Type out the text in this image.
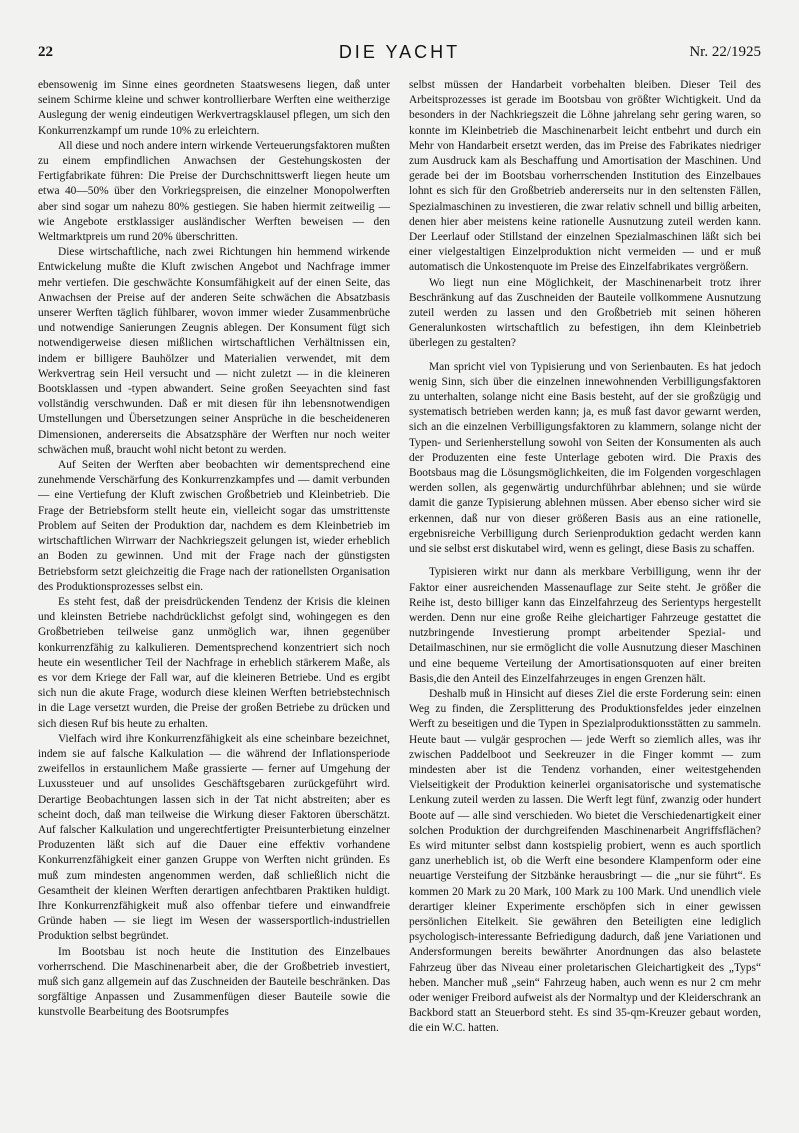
22	DIE YACHT	Nr. 22/1925

ebensowenig im Sinne eines geordneten Staatswesens liegen, daß unter seinem Schirme kleine und schwer kontrollierbare Werften eine weitherzige Auslegung der wenig eindeutigen Werkvertragsklausel pflegen, um sich den Konkurrenzkampf um runde 10% zu erleichtern.

All diese und noch andere intern wirkende Verteuerungsfaktoren mußten zu einem empfindlichen Anwachsen der Gestehungskosten der Fertigfabrikate führen: Die Preise der Durchschnittswerft liegen heute um etwa 40—50% über den Vorkriegspreisen, die einzelner Monopolwerften aber sind sogar um nahezu 80% gestiegen. Sie haben hiermit zeitweilig — wie Angebote erstklassiger ausländischer Werften beweisen — den Weltmarktpreis um rund 20% überschritten.

Diese wirtschaftliche, nach zwei Richtungen hin hemmend wirkende Entwickelung mußte die Kluft zwischen Angebot und Nachfrage immer mehr vertiefen. Die geschwächte Konsumfähigkeit auf der einen Seite, das Anwachsen der Preise auf der anderen Seite schwächen die Absatzbasis unserer Werften täglich fühlbarer, wovon immer wieder Zusammenbrüche und notwendige Sanierungen Zeugnis ablegen. Der Konsument fügt sich notwendigerweise diesen mißlichen wirtschaftlichen Verhältnissen ein, indem er billigere Bauhölzer und Materialien verwendet, mit dem Werkvertrag sein Heil versucht und — nicht zuletzt — in die kleineren Bootsklassen und -typen abwandert. Seine großen Seeyachten sind fast vollständig verschwunden. Daß er mit diesen für ihn lebensnotwendigen Umstellungen und Übersetzungen seiner Ansprüche in die bescheideneren Dimensionen, andererseits die Absatzsphäre der Werften nur noch weiter schwächen muß, braucht wohl nicht betont zu werden.

Auf Seiten der Werften aber beobachten wir dementsprechend eine zunehmende Verschärfung des Konkurrenzkampfes und — damit verbunden — eine Vertiefung der Kluft zwischen Großbetrieb und Kleinbetrieb. Die Frage der Betriebsform stellt heute ein, vielleicht sogar das umstrittenste Problem auf Seiten der Produktion dar, nachdem es dem Kleinbetrieb im wirtschaftlichen Wirrwarr der Nachkriegszeit gelungen ist, wieder erheblich an Boden zu gewinnen. Und mit der Frage nach der günstigsten Betriebsform setzt gleichzeitig die Frage nach der rationellsten Organisation des Produktionsprozesses selbst ein.

Es steht fest, daß der preisdrückenden Tendenz der Krisis die kleinen und kleinsten Betriebe nachdrücklichst gefolgt sind, wohingegen es den Großbetrieben teilweise ganz unmöglich war, ihnen gegenüber konkurrenzfähig zu kalkulieren. Dementsprechend konzentriert sich noch heute ein wesentlicher Teil der Nachfrage in erheblich stärkerem Maße, als es vor dem Kriege der Fall war, auf die kleineren Betriebe. Und es ergibt sich nun die akute Frage, wodurch diese kleinen Werften betriebstechnisch in die Lage versetzt wurden, die Preise der großen Betriebe zu drücken und sich diesen Ruf bis heute zu erhalten.

Vielfach wird ihre Konkurrenzfähigkeit als eine scheinbare bezeichnet, indem sie auf falsche Kalkulation — die während der Inflationsperiode zweifellos in erstaunlichem Maße grassierte — ferner auf Umgehung der Luxussteuer und auf unsolides Geschäftsgebaren zurückgeführt wird. Derartige Beobachtungen lassen sich in der Tat nicht abstreiten; aber es scheint doch, daß man teilweise die Wirkung dieser Faktoren überschätzt. Auf falscher Kalkulation und ungerechtfertigter Preisunterbietung einzelner Produzenten läßt sich auf die Dauer eine effektiv vorhandene Konkurrenzfähigkeit einer ganzen Gruppe von Werften nicht gründen. Es muß zum mindesten angenommen werden, daß schließlich nicht die Gesamtheit der kleinen Werften derartigen anfechtbaren Praktiken huldigt. Ihre Konkurrenzfähigkeit muß also offenbar tiefere und einwandfreie Gründe haben — sie liegt im Wesen der wassersportlich-industriellen Produktion selbst begründet.

Im Bootsbau ist noch heute die Institution des Einzelbaues vorherrschend. Die Maschinenarbeit aber, die der Großbetrieb investiert, muß sich ganz allgemein auf das Zuschneiden der Bauteile beschränken. Das sorgfältige Anpassen und Zusammenfügen dieser Bauteile sowie die kunstvolle Bearbeitung des Bootsrumpfes

selbst müssen der Handarbeit vorbehalten bleiben. Dieser Teil des Arbeitsprozesses ist gerade im Bootsbau von größter Wichtigkeit. Und da besonders in der Nachkriegszeit die Löhne jahrelang sehr gering waren, so konnte im Kleinbetrieb die Maschinenarbeit leicht entbehrt und durch ein Mehr von Handarbeit ersetzt werden, das im Preise des Fabrikates niedriger zum Ausdruck kam als Beschaffung und Amortisation der Maschinen. Und gerade bei der im Bootsbau vorherrschenden Institution des Einzelbaues lohnt es sich für den Großbetrieb andererseits nur in den seltensten Fällen, Spezialmaschinen zu investieren, die zwar relativ schnell und billig arbeiten, denen hier aber meistens keine rationelle Ausnutzung zuteil werden kann. Der Leerlauf oder Stillstand der einzelnen Spezialmaschinen läßt sich bei einer vielgestaltigen Einzelproduktion nicht vermeiden — und er muß automatisch die Unkostenquote im Preise des Einzelfabrikates vergrößern.

Wo liegt nun eine Möglichkeit, der Maschinenarbeit trotz ihrer Beschränkung auf das Zuschneiden der Bauteile vollkommene Ausnutzung zuteil werden zu lassen und den Großbetrieb mit seinen höheren Generalunkosten wirtschaftlich zu befestigen, ihn dem Kleinbetrieb überlegen zu gestalten?

Man spricht viel von Typisierung und von Serienbauten. Es hat jedoch wenig Sinn, sich über die einzelnen innewohnenden Verbilligungsfaktoren zu unterhalten, solange nicht eine Basis besteht, auf der sie großzügig und systematisch betrieben werden kann; ja, es muß fast davor gewarnt werden, sich an die einzelnen Verbilligungsfaktoren zu klammern, solange nicht der Typen- und Serienherstellung sowohl von Seiten der Konsumenten als auch der Produzenten eine feste Unterlage geboten wird. Die Praxis des Bootsbaus mag die Lösungsmöglichkeiten, die im Folgenden vorgeschlagen werden sollen, als gegenwärtig undurchführbar ablehnen; und sie würde damit die ganze Typisierung ablehnen müssen. Aber ebenso sicher wird sie erkennen, daß nur von dieser größeren Basis aus an eine rationelle, ergebnisreiche Verbilligung durch Serienproduktion gedacht werden kann und sie selbst erst diskutabel wird, wenn es gelingt, diese Basis zu schaffen.

Typisieren wirkt nur dann als merkbare Verbilligung, wenn ihr der Faktor einer ausreichenden Massenauflage zur Seite steht. Je größer die Reihe ist, desto billiger kann das Einzelfahrzeug des Serientyps hergestellt werden. Denn nur eine große Reihe gleichartiger Fahrzeuge gestattet die nutzbringende Investierung prompt arbeitender Spezial- und Detailmaschinen, nur sie ermöglicht die volle Ausnutzung dieser Maschinen und eine bequeme Verteilung der Amortisationsquoten auf einer breiten Basis,die den Anteil des Einzelfahrzeuges in engen Grenzen hält.

Deshalb muß in Hinsicht auf dieses Ziel die erste Forderung sein: einen Weg zu finden, die Zersplitterung des Produktionsfeldes jeder einzelnen Werft zu beseitigen und die Typen in Spezialproduktionsstätten zu sammeln. Heute baut — vulgär gesprochen — jede Werft so ziemlich alles, was ihr zwischen Paddelboot und Seekreuzer in die Finger kommt — zum mindesten aber ist die Tendenz vorhanden, einer weitestgehenden Vielseitigkeit der Produktion keinerlei organisatorische und systematische Lenkung zuteil werden zu lassen. Die Werft legt fünf, zwanzig oder hundert Boote auf — alle sind verschieden. Wo bietet die Verschiedenartigkeit einer solchen Produktion der durchgreifenden Maschinenarbeit Angriffsflächen? Es wird mitunter selbst dann kostspielig probiert, wenn es auch sportlich ganz unerheblich ist, ob die Werft eine besondere Klampenform oder eine neuartige Versteifung der Sitzbänke herausbringt — die „nur sie führt“. Es kommen 20 Mark zu 20 Mark, 100 Mark zu 100 Mark. Und unendlich viele derartiger kleiner Experimente erschöpfen sich in einer gewissen persönlichen Eitelkeit. Sie gewähren den Beteiligten eine lediglich psychologisch-interessante Befriedigung dadurch, daß jene Variationen und Andersformungen bereits bewährter Anordnungen das also belastete Fahrzeug über das Niveau einer proletarischen Gleichartigkeit des „Typs“ heben. Mancher muß „sein“ Fahrzeug haben, auch wenn es nur 2 cm mehr oder weniger Freibord aufweist als der Normaltyp und der Kleiderschrank an Backbord statt an Steuerbord steht. Es sind 35-qm-Kreuzer gebaut worden, die ein W.C. hatten.
